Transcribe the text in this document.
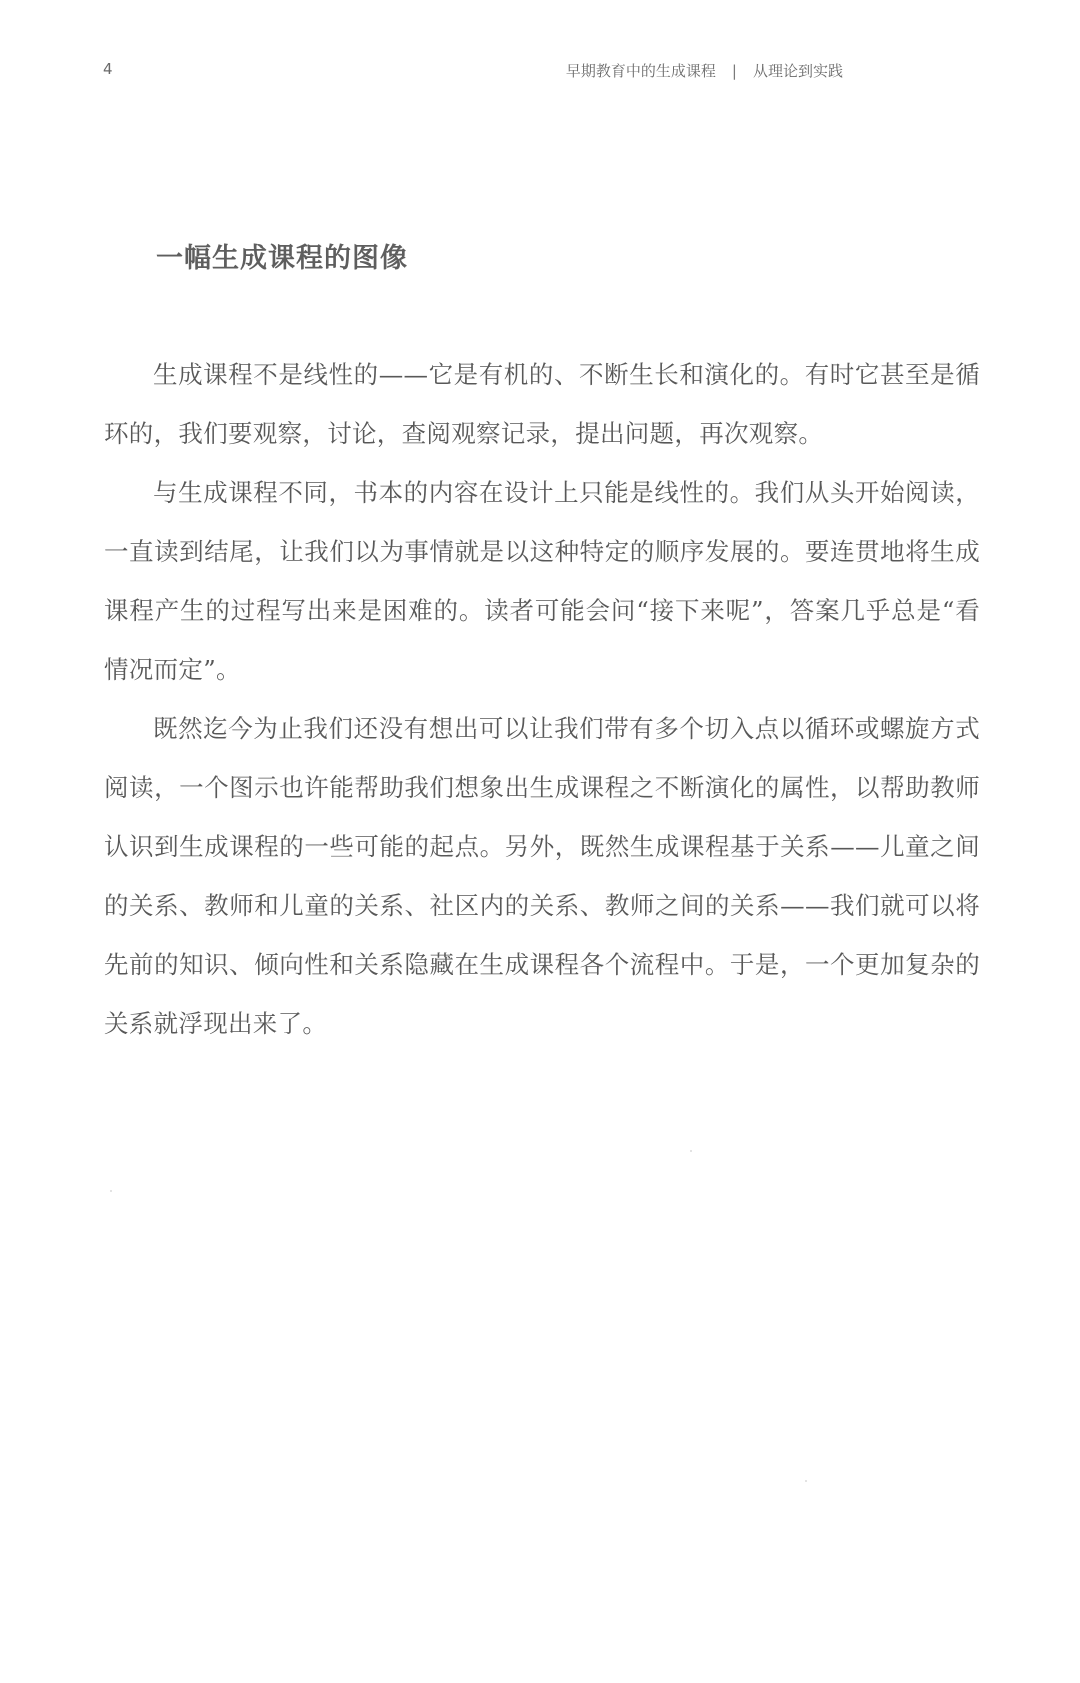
4	早期教育中的生成课程 | 从理论到实践
一幅生成课程的图像

生成课程不是线性的——它是有机的、不断生长和演化的。有时它甚至是循环的，我们要观察，讨论，查阅观察记录，提出问题，再次观察。

与生成课程不同，书本的内容在设计上只能是线性的。我们从头开始阅读，一直读到结尾，让我们以为事情就是以这种特定的顺序发展的。要连贯地将生成课程产生的过程写出来是困难的。读者可能会问“接下来呢”，答案几乎总是“看情况而定”。

既然迄今为止我们还没有想出可以让我们带有多个切入点以循环或螺旋方式阅读，一个图示也许能帮助我们想象出生成课程之不断演化的属性，以帮助教师认识到生成课程的一些可能的起点。另外，既然生成课程基于关系——儿童之间的关系、教师和儿童的关系、社区内的关系、教师之间的关系——我们就可以将先前的知识、倾向性和关系隐藏在生成课程各个流程中。于是，一个更加复杂的关系就浮现出来了。
